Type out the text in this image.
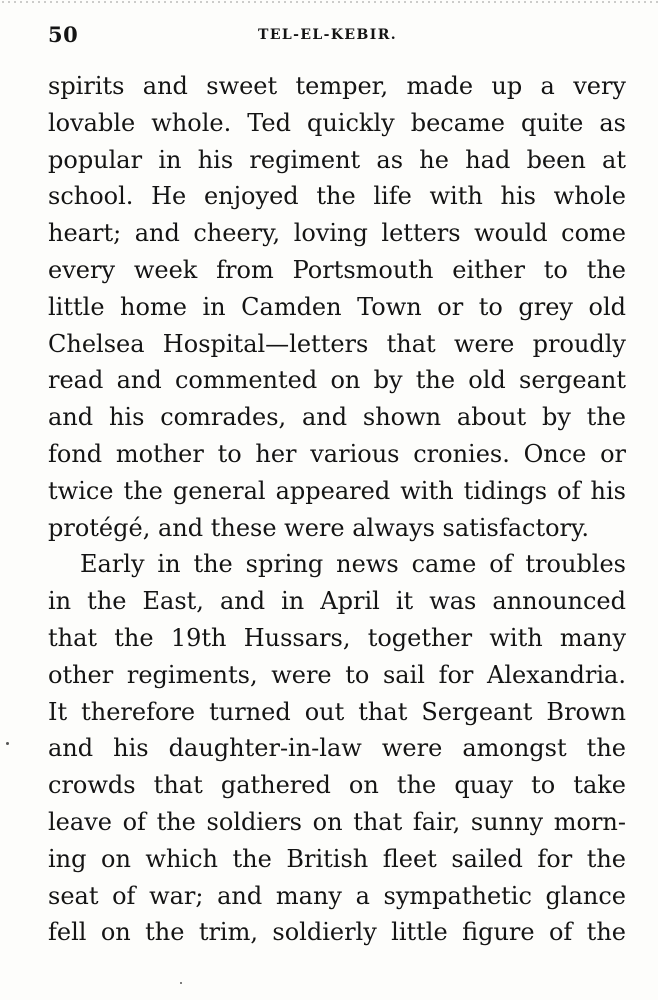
50	TEL-EL-KEBIR.
spirits and sweet temper, made up a very
lovable whole. Ted quickly became quite as
popular in his regiment as he had been at
school. He enjoyed the life with his whole
heart; and cheery, loving letters would come
every week from Portsmouth either to the
little home in Camden Town or to grey old
Chelsea Hospital—letters that were proudly
read and commented on by the old sergeant
and his comrades, and shown about by the
fond mother to her various cronies. Once or
twice the general appeared with tidings of his
protégé, and these were always satisfactory.
Early in the spring news came of troubles
in the East, and in April it was announced
that the 19th Hussars, together with many
other regiments, were to sail for Alexandria.
It therefore turned out that Sergeant Brown
and his daughter-in-law were amongst the
crowds that gathered on the quay to take
leave of the soldiers on that fair, sunny morn-
ing on which the British fleet sailed for the
seat of war; and many a sympathetic glance
fell on the trim, soldierly little figure of the
